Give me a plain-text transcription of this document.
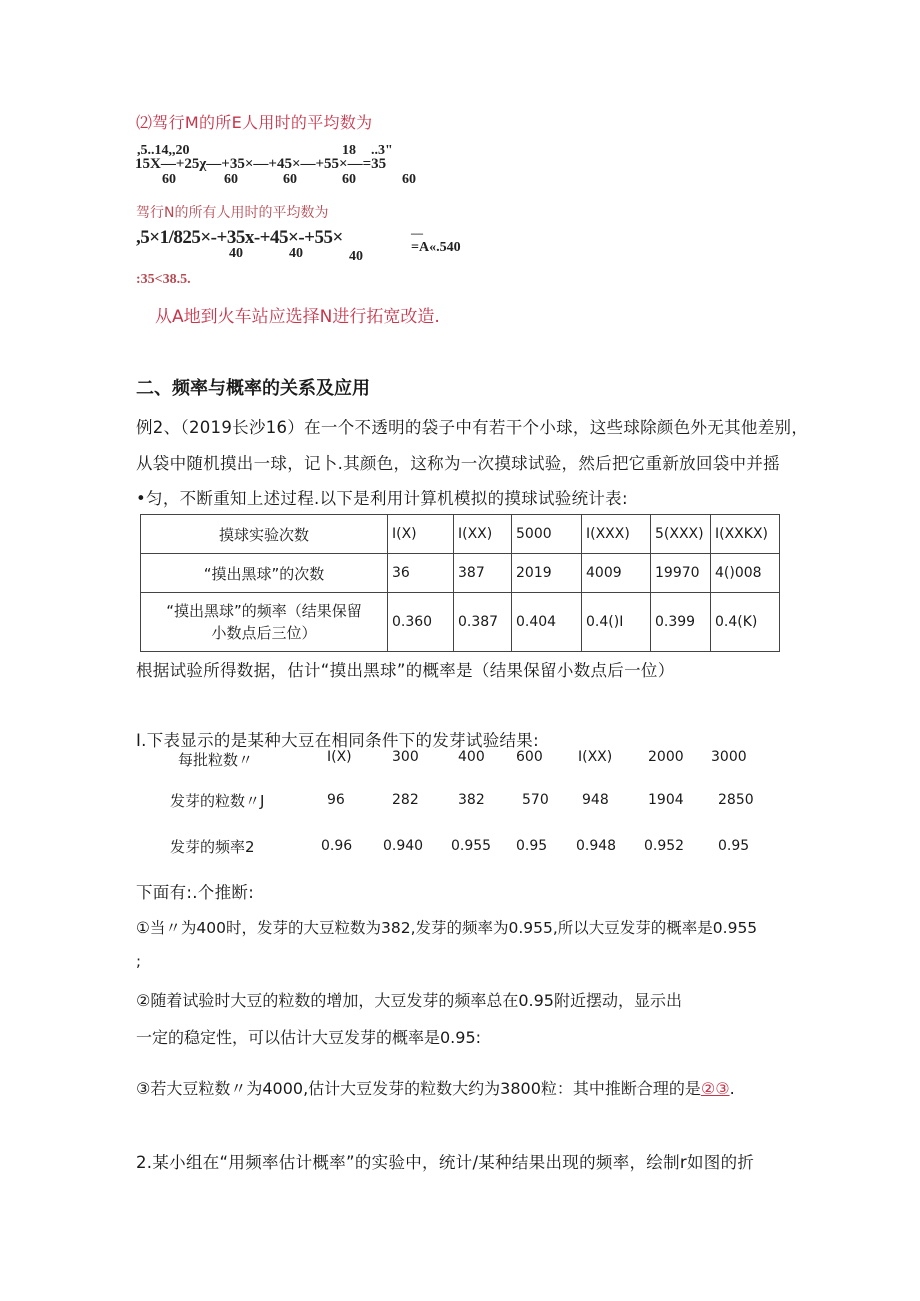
⑵驾行M的所E人用时的平均数为
,5..14,,20	18 ..3"
15X—+25χ—+35×—+45×—+55×—=35
60	60	60	60	60
驾行N的所有人用时的平均数为
,5×1/825×-+35x-+45×-+55×	—
=A«.540
40	40	40
:35<38.5.
从A地到火车站应选择N进行拓宽改造.
二、频率与概率的关系及应用
例2、（2019长沙16）在一个不透明的袋子中有若干个小球，这些球除颜色外无其他差别，
从袋中随机摸出一球，记卜.其颜色，这称为一次摸球试验，然后把它重新放回袋中并摇
•匀，不断重知上述过程.以下是利用计算机模拟的摸球试验统计表:
摸球实验次数	I(X)	I(XX)	5000	I(XXX)	5(XXX)	I(XXKX)
“摸出黑球”的次数	36	387	2019	4009	19970	4()008
“摸出黑球”的频率（结果保留
小数点后三位）	0.360	0.387	0.404	0.4()I	0.399	0.4(K)
根据试验所得数据，估计“摸出黑球”的概率是（结果保留小数点后一位）
I.下表显示的是某种大豆在相同条件下的发芽试验结果:
每批粒数〃	I(X)	300	400 600	I(XX)	2000 3000
发芽的粒数〃J	96	282	382	570 948	1904 2850
发芽的频率2	0.96 0.940 0.955 0.95 0.948 0.952 0.95
下面有:.个推断:
①当〃为400时，发芽的大豆粒数为382,发芽的频率为0.955,所以大豆发芽的概率是0.955
;
②随着试验时大豆的粒数的增加，大豆发芽的频率总在0.95附近摆动，显示出
一定的稳定性，可以估计大豆发芽的概率是0.95:
③若大豆粒数〃为4000,估计大豆发芽的粒数大约为3800粒：其中推断合理的是②③.
2.某小组在“用频率估计概率”的实验中，统计/某种结果出现的频率，绘制r如图的折
